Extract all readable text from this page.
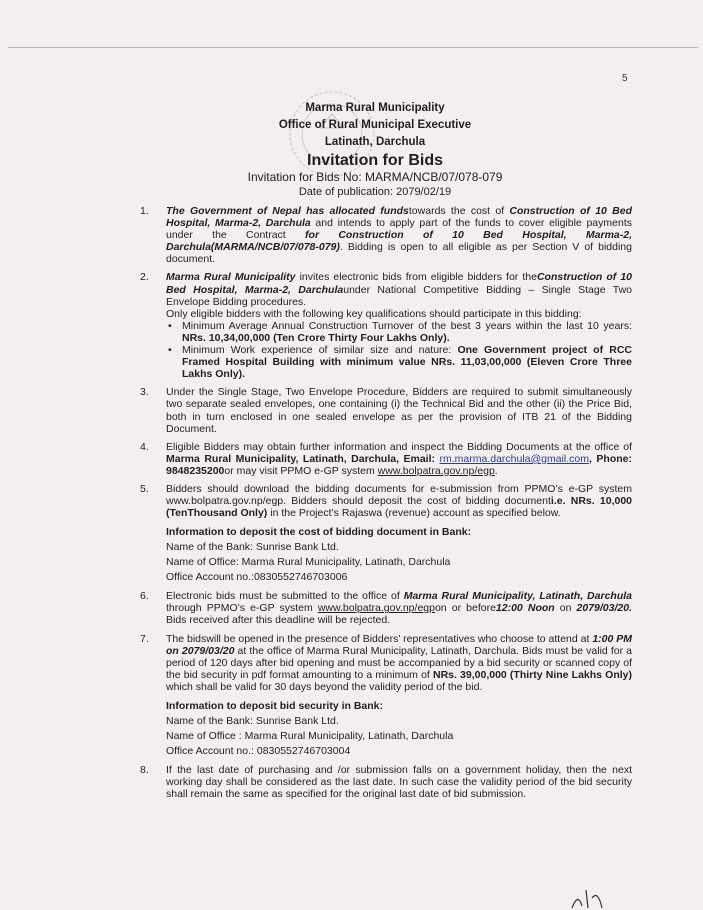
5
Marma Rural Municipality
Office of Rural Municipal Executive
Latinath, Darchula
Invitation for Bids
Invitation for Bids No: MARMA/NCB/07/078-079
Date of publication: 2079/02/19
1. The Government of Nepal has allocated fundstowards the cost of Construction of 10 Bed Hospital, Marma-2, Darchula and intends to apply part of the funds to cover eligible payments under the Contract for Construction of 10 Bed Hospital, Marma-2, Darchula(MARMA/NCB/07/078-079). Bidding is open to all eligible as per Section V of bidding document.
2. Marma Rural Municipality invites electronic bids from eligible bidders for theConstruction of 10 Bed Hospital, Marma-2, Darchulaunder National Competitive Bidding – Single Stage Two Envelope Bidding procedures.
Only eligible bidders with the following key qualifications should participate in this bidding:
• Minimum Average Annual Construction Turnover of the best 3 years within the last 10 years: NRs. 10,34,00,000 (Ten Crore Thirty Four Lakhs Only).
• Minimum Work experience of similar size and nature: One Government project of RCC Framed Hospital Building with minimum value NRs. 11,03,00,000 (Eleven Crore Three Lakhs Only).
3. Under the Single Stage, Two Envelope Procedure, Bidders are required to submit simultaneously two separate sealed envelopes, one containing (i) the Technical Bid and the other (ii) the Price Bid, both in turn enclosed in one sealed envelope as per the provision of ITB 21 of the Bidding Document.
4. Eligible Bidders may obtain further information and inspect the Bidding Documents at the office of Marma Rural Municipality, Latinath, Darchula, Email: rm.marma.darchula@gmail.com, Phone: 9848235200or may visit PPMO e-GP system www.bolpatra.gov.np/egp.
5. Bidders should download the bidding documents for e-submission from PPMO’s e-GP system www.bolpatra.gov.np/egp. Bidders should deposit the cost of bidding documenti.e. NRs. 10,000 (TenThousand Only) in the Project’s Rajaswa (revenue) account as specified below.
Information to deposit the cost of bidding document in Bank:
Name of the Bank: Sunrise Bank Ltd.
Name of Office: Marma Rural Municipality, Latinath, Darchula
Office Account no.:0830552746703006
6. Electronic bids must be submitted to the office of Marma Rural Municipality, Latinath, Darchula through PPMO’s e-GP system www.bolpatra.gov.np/egpon or before12:00 Noon on 2079/03/20. Bids received after this deadline will be rejected.
7. The bidswill be opened in the presence of Bidders’ representatives who choose to attend at 1:00 PM on 2079/03/20 at the office of Marma Rural Municipality, Latinath, Darchula. Bids must be valid for a period of 120 days after bid opening and must be accompanied by a bid security or scanned copy of the bid security in pdf format amounting to a minimum of NRs. 39,00,000 (Thirty Nine Lakhs Only) which shall be valid for 30 days beyond the validity period of the bid.
Information to deposit bid security in Bank:
Name of the Bank: Sunrise Bank Ltd.
Name of Office : Marma Rural Municipality, Latinath, Darchula
Office Account no.: 0830552746703004
8. If the last date of purchasing and /or submission falls on a government holiday, then the next working day shall be considered as the last date. In such case the validity period of the bid security shall remain the same as specified for the original last date of bid submission.
